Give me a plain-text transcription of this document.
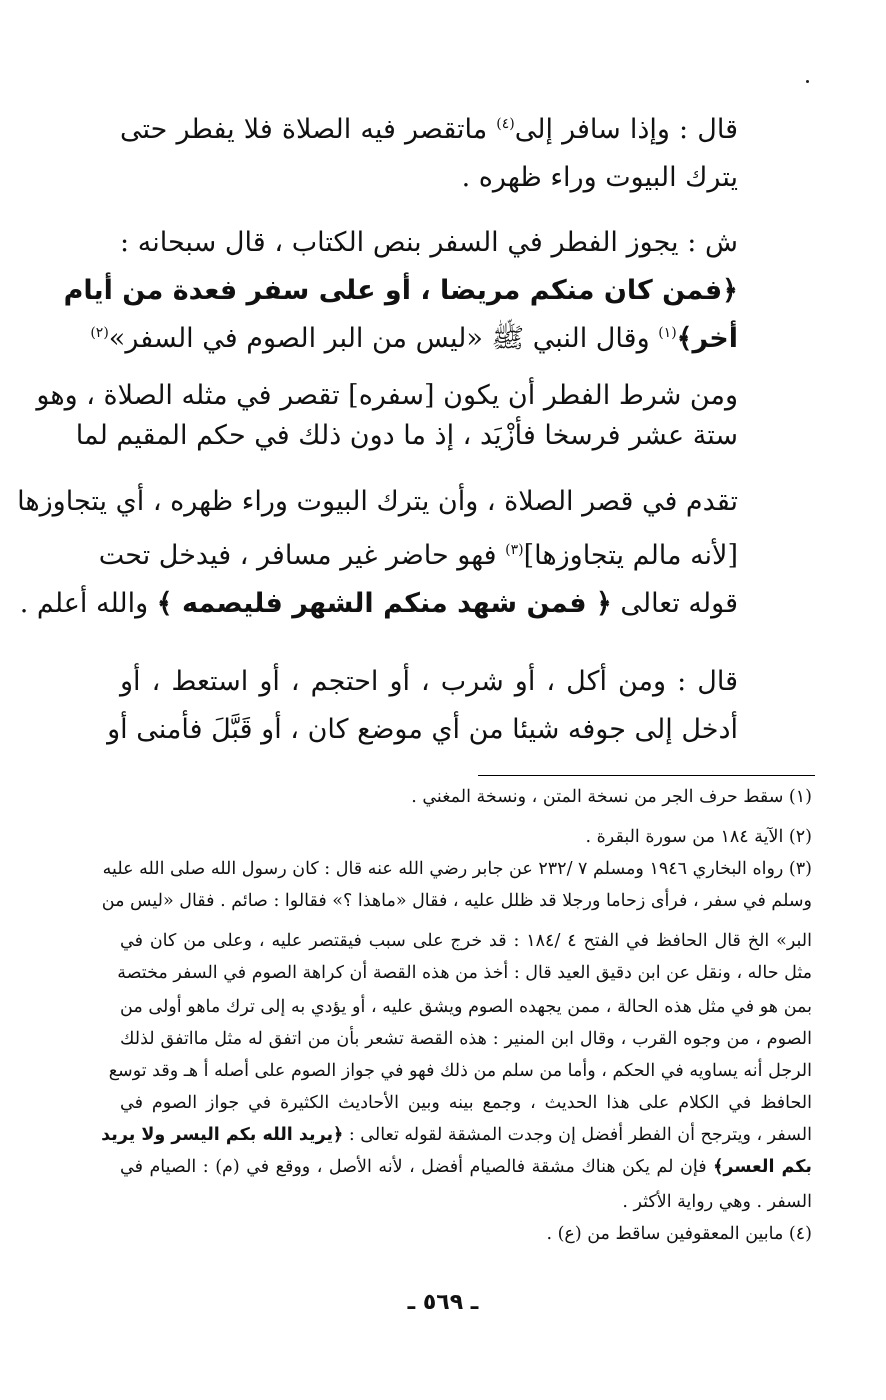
قال : وإذا سافر إلى$^{(٤)}$ ماتقصر فيه الصلاة فلا يفطر حتى
يترك البيوت وراء ظهره .
ش : يجوز الفطر في السفر بنص الكتاب ، قال سبحانه :
﴿فمن كان منكم مريضا ، أو على سفر فعدة من أيام
أخر﴾$^{(١)}$ وقال النبي ﷺ «ليس من البر الصوم في السفر»$^{(٢)}$
ومن شرط الفطر أن يكون [سفره] تقصر في مثله الصلاة ، وهو
ستة عشر فرسخا فأزْيَد ، إذ ما دون ذلك في حكم المقيم لما
تقدم في قصر الصلاة ، وأن يترك البيوت وراء ظهره ، أي يتجاوزها
[لأنه مالم يتجاوزها]$^{(٣)}$ فهو حاضر غير مسافر ، فيدخل تحت
قوله تعالى ﴿ فمن شهد منكم الشهر فليصمه ﴾ والله أعلم .
قال : ومن أكل ، أو شرب ، أو احتجم ، أو استعط ، أو
أدخل إلى جوفه شيئا من أي موضع كان ، أو قَبَّلَ فأمنى أو
(١) سقط حرف الجر من نسخة المتن ، ونسخة المغني .
(٢) الآية ١٨٤ من سورة البقرة .
(٣) رواه البخاري ١٩٤٦ ومسلم ٧ /٢٣٢ عن جابر رضي الله عنه قال : كان رسول الله صلى الله عليه
وسلم في سفر ، فرأى زحاما ورجلا قد ظلل عليه ، فقال «ماهذا ؟» فقالوا : صائم . فقال «ليس من
البر» الخ قال الحافظ في الفتح ٤ /١٨٤ : قد خرج على سبب فيقتصر عليه ، وعلى من كان في
مثل حاله ، ونقل عن ابن دقيق العيد قال : أخذ من هذه القصة أن كراهة الصوم في السفر مختصة
بمن هو في مثل هذه الحالة ، ممن يجهده الصوم ويشق عليه ، أو يؤدي به إلى ترك ماهو أولى من
الصوم ، من وجوه القرب ، وقال ابن المنير : هذه القصة تشعر بأن من اتفق له مثل مااتفق لذلك
الرجل أنه يساويه في الحكم ، وأما من سلم من ذلك فهو في جواز الصوم على أصله أ هـ وقد توسع
الحافظ في الكلام على هذا الحديث ، وجمع بينه وبين الأحاديث الكثيرة في جواز الصوم في
السفر ، ويترجح أن الفطر أفضل إن وجدت المشقة لقوله تعالى : ﴿يريد الله بكم اليسر ولا يريد
بكم العسر﴾ فإن لم يكن هناك مشقة فالصيام أفضل ، لأنه الأصل ، ووقع في (م) : الصيام في
السفر . وهي رواية الأكثر .
(٤) مابين المعقوفين ساقط من (ع) .
ـ ٥٦٩ ـ
